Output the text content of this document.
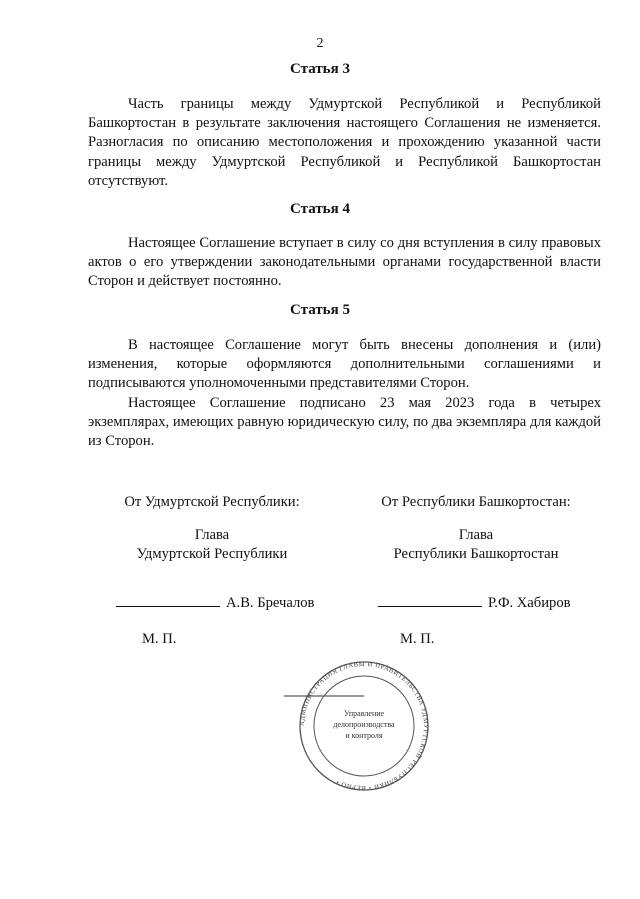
2
Статья 3

Часть границы между Удмуртской Республикой и Республикой Башкортостан в результате заключения настоящего Соглашения не изменяется. Разногласия по описанию местоположения и прохождению указанной части границы между Удмуртской Республикой и Республикой Башкортостан отсутствуют.

Статья 4

Настоящее Соглашение вступает в силу со дня вступления в силу правовых актов о его утверждении законодательными органами государственной власти Сторон и действует постоянно.

Статья 5

В настоящее Соглашение могут быть внесены дополнения и (или) изменения, которые оформляются дополнительными соглашениями и подписываются уполномоченными представителями Сторон.

Настоящее Соглашение подписано 23 мая 2023 года в четырех экземплярах, имеющих равную юридическую силу, по два экземпляра для каждой из Сторон.

От Удмуртской Республики:
Глава
Удмуртской Республики
А.В. Бречалов
М. П.
От Республики Башкортостан:
Глава
Республики Башкортостан
Р.Ф. Хабиров
М. П.
АДМИНИСТРАЦИЯ ГЛАВЫ И ПРАВИТЕЛЬСТВА УДМУРТСКОЙ РЕСПУБЛИКИ • ВЕРНО •
Управление
делопроизводства
и контроля
